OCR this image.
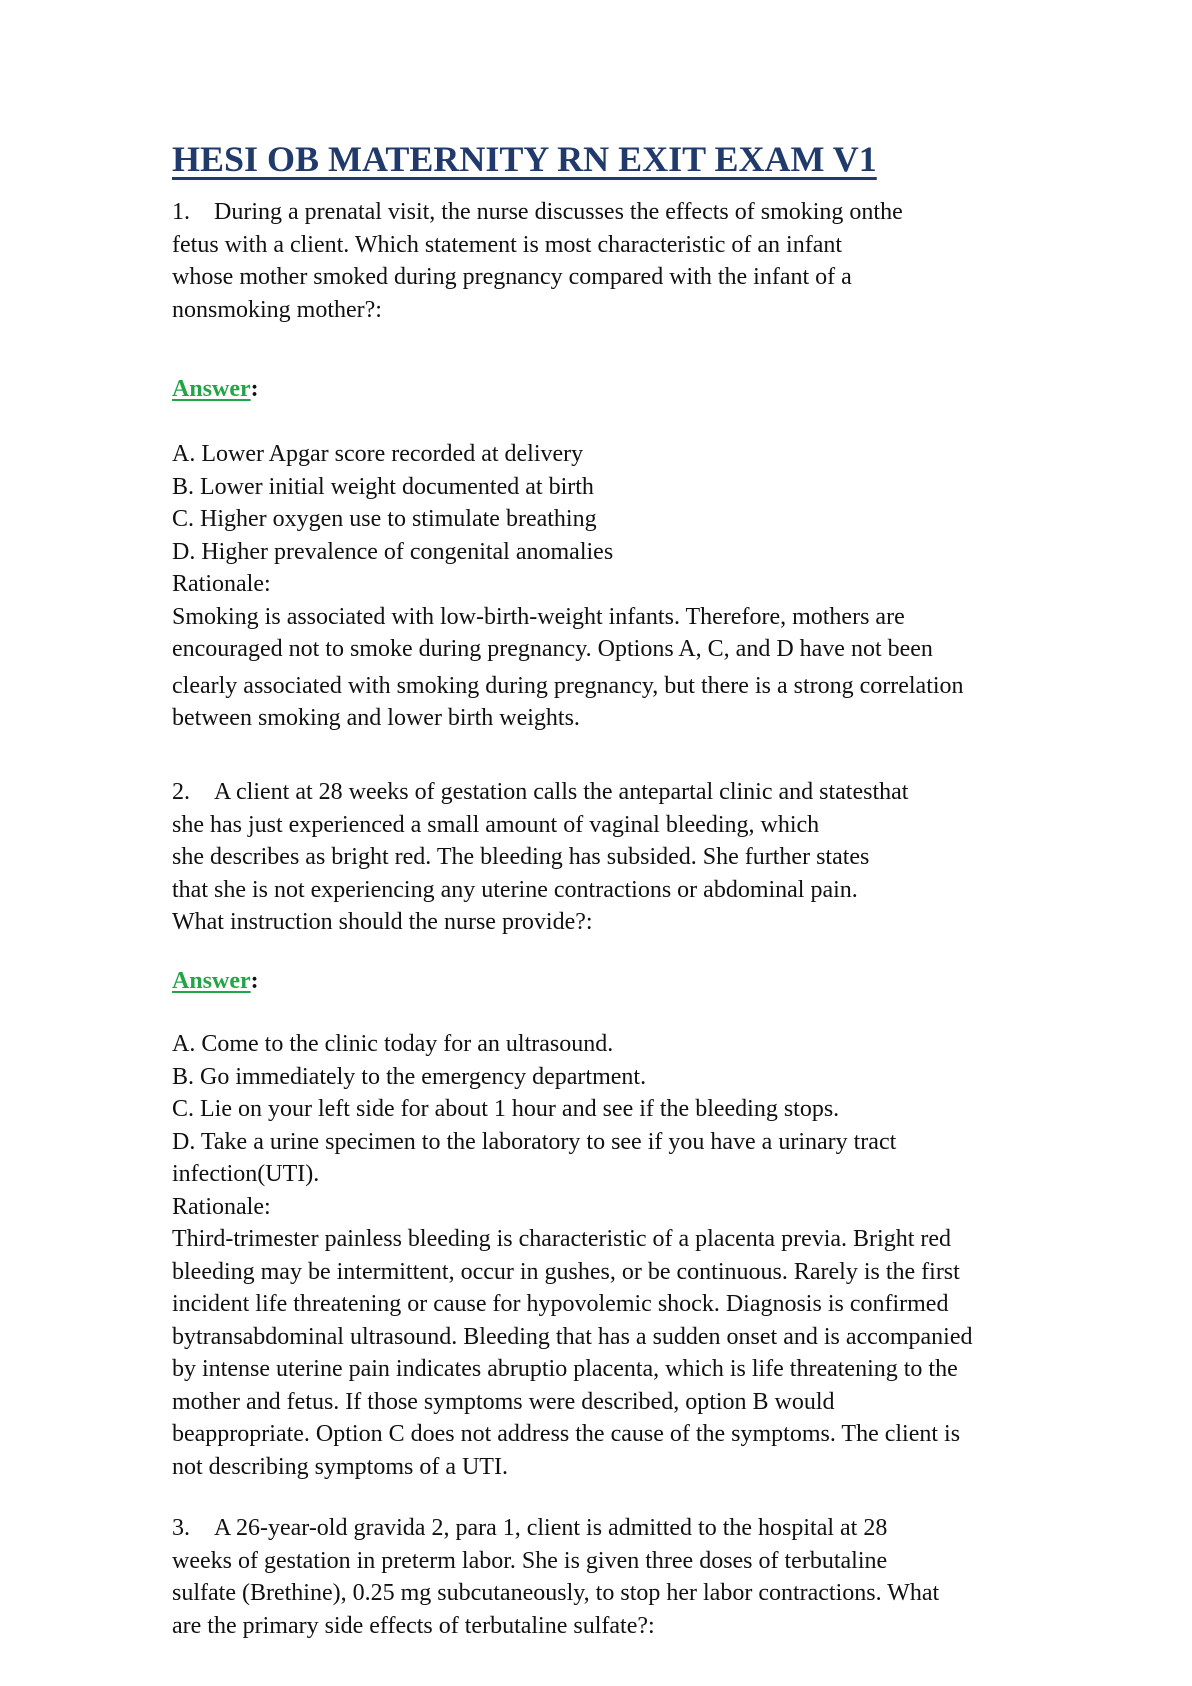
HESI OB MATERNITY RN EXIT EXAM V1
1. During a prenatal visit, the nurse discusses the effects of smoking onthe
fetus with a client. Which statement is most characteristic of an infant
whose mother smoked during pregnancy compared with the infant of a
nonsmoking mother?:
Answer:
A. Lower Apgar score recorded at delivery
B. Lower initial weight documented at birth
C. Higher oxygen use to stimulate breathing
D. Higher prevalence of congenital anomalies
Rationale:
Smoking is associated with low-birth-weight infants. Therefore, mothers are
encouraged not to smoke during pregnancy. Options A, C, and D have not been
clearly associated with smoking during pregnancy, but there is a strong correlation
between smoking and lower birth weights.
2. A client at 28 weeks of gestation calls the antepartal clinic and statesthat
she has just experienced a small amount of vaginal bleeding, which
she describes as bright red. The bleeding has subsided. She further states
that she is not experiencing any uterine contractions or abdominal pain.
What instruction should the nurse provide?:
Answer:
A. Come to the clinic today for an ultrasound.
B. Go immediately to the emergency department.
C. Lie on your left side for about 1 hour and see if the bleeding stops.
D. Take a urine specimen to the laboratory to see if you have a urinary tract
infection(UTI).
Rationale:
Third-trimester painless bleeding is characteristic of a placenta previa. Bright red
bleeding may be intermittent, occur in gushes, or be continuous. Rarely is the first
incident life threatening or cause for hypovolemic shock. Diagnosis is confirmed
bytransabdominal ultrasound. Bleeding that has a sudden onset and is accompanied
by intense uterine pain indicates abruptio placenta, which is life threatening to the
mother and fetus. If those symptoms were described, option B would
beappropriate. Option C does not address the cause of the symptoms. The client is
not describing symptoms of a UTI.
3. A 26-year-old gravida 2, para 1, client is admitted to the hospital at 28
weeks of gestation in preterm labor. She is given three doses of terbutaline
sulfate (Brethine), 0.25 mg subcutaneously, to stop her labor contractions. What
are the primary side effects of terbutaline sulfate?:
